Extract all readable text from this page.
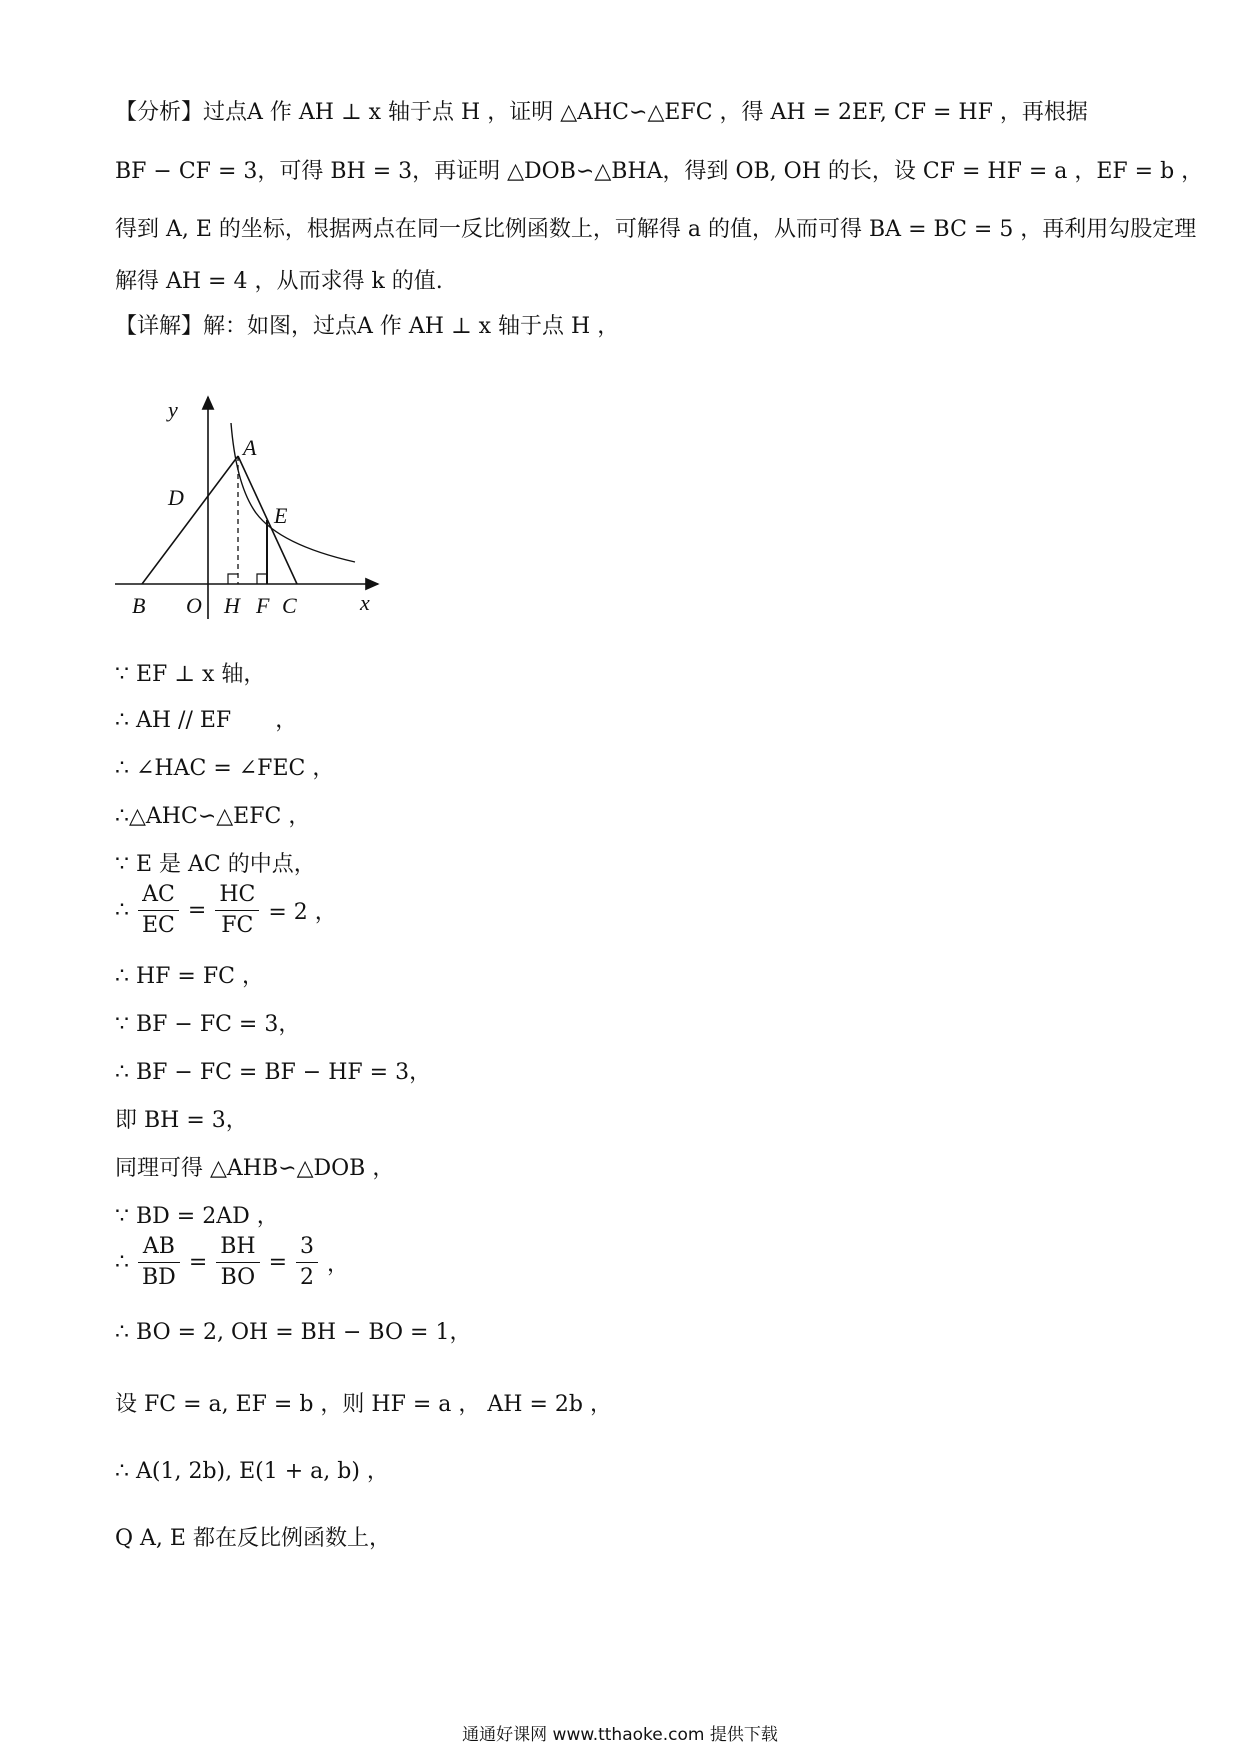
【分析】过点A 作 AH ⊥ x 轴于点 H ，证明 △AHC∽△EFC ，得 AH = 2EF, CF = HF ，再根据
BF − CF = 3，可得 BH = 3，再证明 △DOB∽△BHA，得到 OB, OH 的长，设 CF = HF = a ，EF = b ，
得到 A, E 的坐标，根据两点在同一反比例函数上，可解得 a 的值，从而可得 BA = BC = 5 ，再利用勾股定理
解得 AH = 4 ，从而求得 k 的值.
【详解】解：如图，过点A 作 AH ⊥ x 轴于点 H ，
y
A
D
E
B O H F C	x
∵ EF ⊥ x 轴，
∴ AH // EF　　，
∴ ∠HAC = ∠FEC ，
∴△AHC∽△EFC ，
∵ E 是 AC 的中点，
∴ $\frac{AC}{EC} = \frac{HC}{FC} = 2$ ，
∴ HF = FC ，
∵ BF − FC = 3，
∴ BF − FC = BF − HF = 3，
即 BH = 3，
同理可得 △AHB∽△DOB ，
∵ BD = 2AD ，
∴ $\frac{AB}{BD} = \frac{BH}{BO} = \frac{3}{2}$ ，
∴ BO = 2, OH = BH − BO = 1，
设 FC = a, EF = b ，则 HF = a ， AH = 2b ，
∴ A(1, 2b), E(1 + a, b) ，
Q A, E 都在反比例函数上，
通通好课网 www.tthaoke.com 提供下载
